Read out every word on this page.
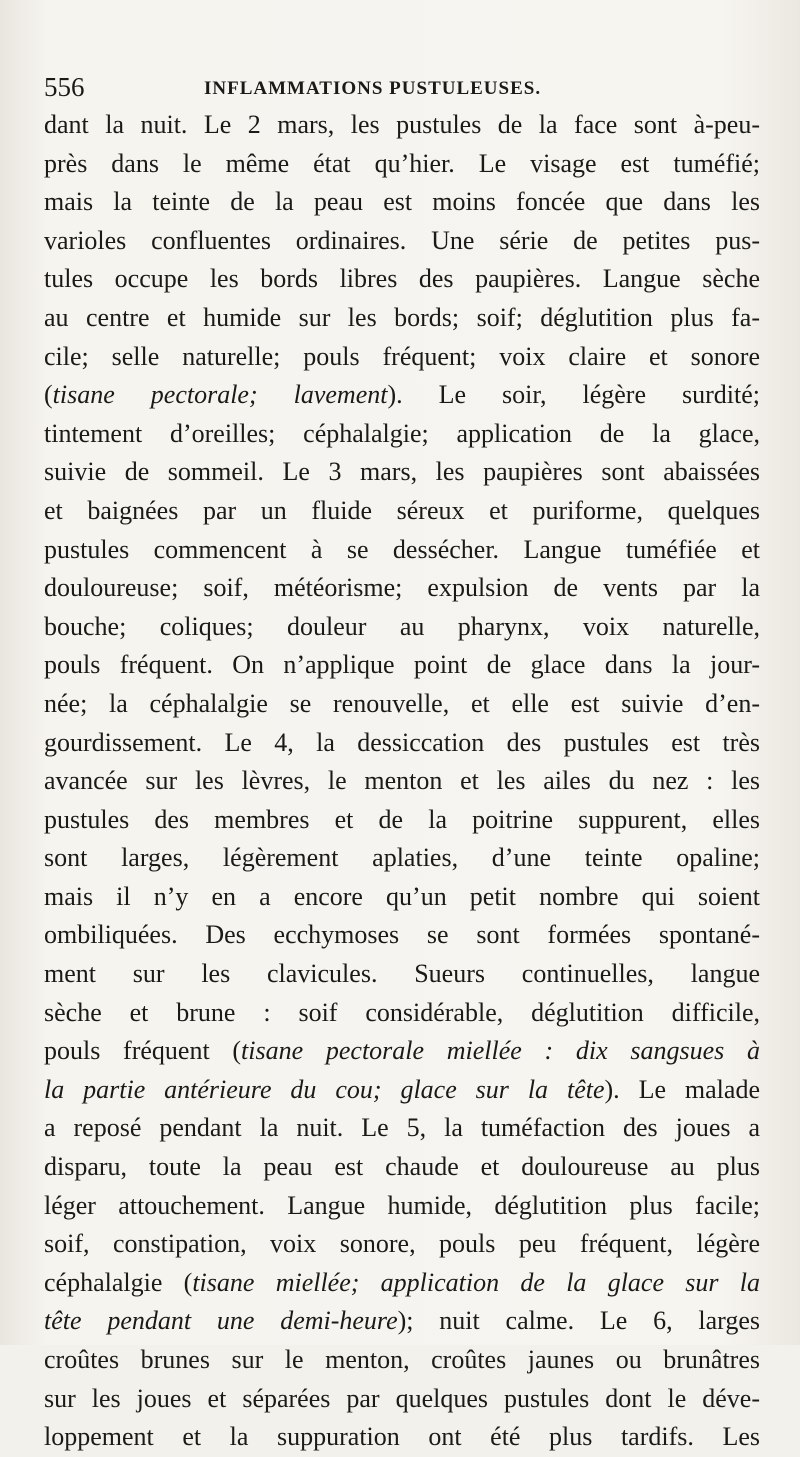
556	INFLAMMATIONS PUSTULEUSES.
dant la nuit. Le 2 mars, les pustules de la face sont à-peu-
près dans le même état qu’hier. Le visage est tuméfié;
mais la teinte de la peau est moins foncée que dans les
varioles confluentes ordinaires. Une série de petites pus-
tules occupe les bords libres des paupières. Langue sèche
au centre et humide sur les bords; soif; déglutition plus fa-
cile; selle naturelle; pouls fréquent; voix claire et sonore
(tisane pectorale; lavement). Le soir, légère surdité;
tintement d’oreilles; céphalalgie; application de la glace,
suivie de sommeil. Le 3 mars, les paupières sont abaissées
et baignées par un fluide séreux et puriforme, quelques
pustules commencent à se dessécher. Langue tuméfiée et
douloureuse; soif, météorisme; expulsion de vents par la
bouche; coliques; douleur au pharynx, voix naturelle,
pouls fréquent. On n’applique point de glace dans la jour-
née; la céphalalgie se renouvelle, et elle est suivie d’en-
gourdissement. Le 4, la dessiccation des pustules est très
avancée sur les lèvres, le menton et les ailes du nez : les
pustules des membres et de la poitrine suppurent, elles
sont larges, légèrement aplaties, d’une teinte opaline;
mais il n’y en a encore qu’un petit nombre qui soient
ombiliquées. Des ecchymoses se sont formées spontané-
ment sur les clavicules. Sueurs continuelles, langue
sèche et brune : soif considérable, déglutition difficile,
pouls fréquent (tisane pectorale miellée : dix sangsues à
la partie antérieure du cou; glace sur la tête). Le malade
a reposé pendant la nuit. Le 5, la tuméfaction des joues a
disparu, toute la peau est chaude et douloureuse au plus
léger attouchement. Langue humide, déglutition plus facile;
soif, constipation, voix sonore, pouls peu fréquent, légère
céphalalgie (tisane miellée; application de la glace sur la
tête pendant une demi-heure); nuit calme. Le 6, larges
croûtes brunes sur le menton, croûtes jaunes ou brunâtres
sur les joues et séparées par quelques pustules dont le déve-
loppement et la suppuration ont été plus tardifs. Les
